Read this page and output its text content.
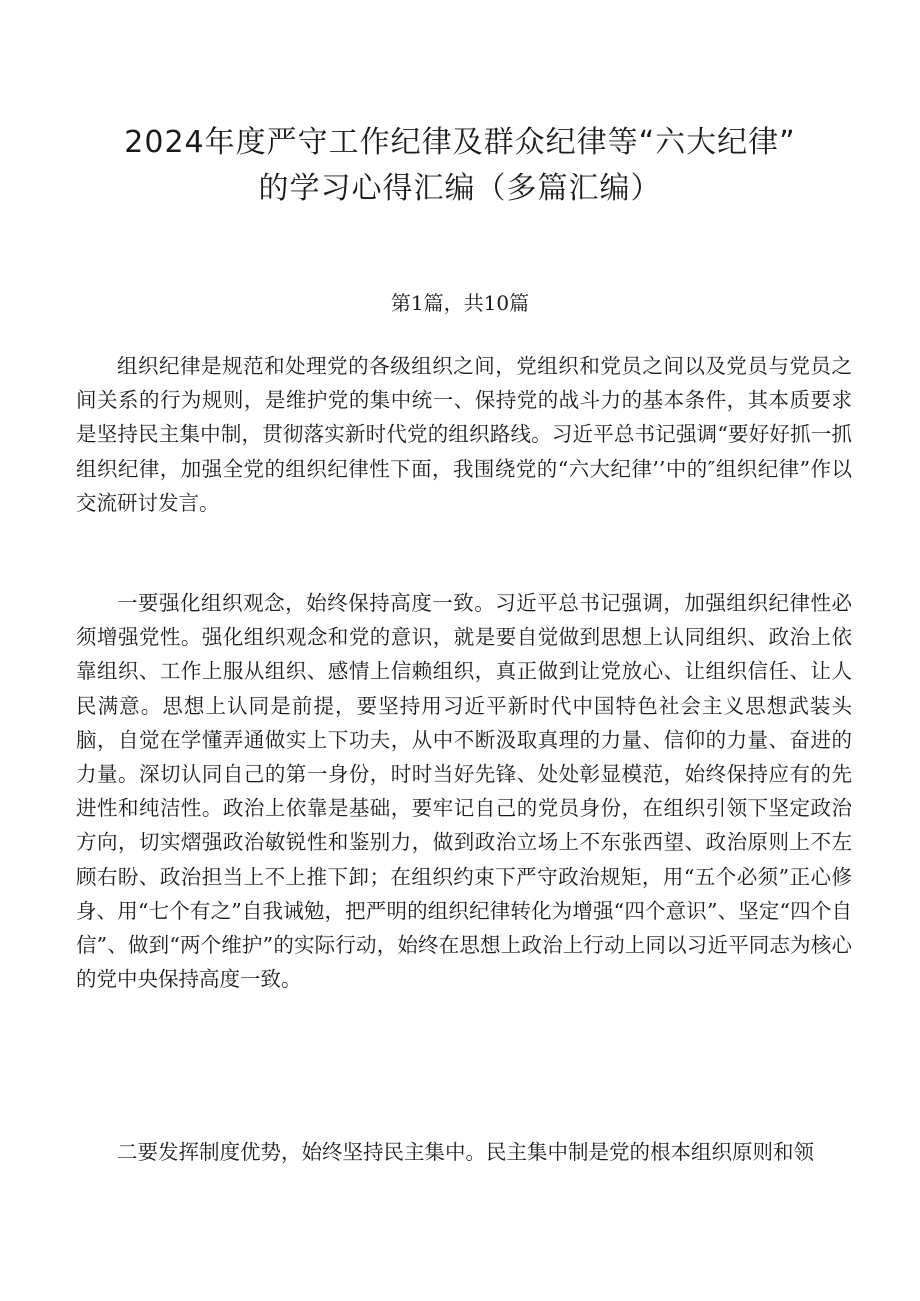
2024年度严守工作纪律及群众纪律等“六大纪律”
的学习心得汇编（多篇汇编）

第1篇，共10篇

组织纪律是规范和处理党的各级组织之间，党组织和党员之间以及党员与党员之间关系的行为规则，是维护党的集中统一、保持党的战斗力的基本条件，其本质要求是坚持民主集中制，贯彻落实新时代党的组织路线。习近平总书记强调“要好好抓一抓组织纪律，加强全党的组织纪律性下面，我围绕党的“六大纪律’’中的″组织纪律”作以交流研讨发言。

一要强化组织观念，始终保持高度一致。习近平总书记强调，加强组织纪律性必须增强党性。强化组织观念和党的意识，就是要自觉做到思想上认同组织、政治上依靠组织、工作上服从组织、感情上信赖组织，真正做到让党放心、让组织信任、让人民满意。思想上认同是前提，要坚持用习近平新时代中国特色社会主义思想武装头脑，自觉在学懂弄通做实上下功夫，从中不断汲取真理的力量、信仰的力量、奋进的力量。深切认同自己的第一身份，时时当好先锋、处处彰显模范，始终保持应有的先进性和纯洁性。政治上依靠是基础，要牢记自己的党员身份，在组织引领下坚定政治方向，切实熠强政治敏锐性和鉴别力，做到政治立场上不东张西望、政治原则上不左顾右盼、政治担当上不上推下卸；在组织约束下严守政治规矩，用“五个必须”正心修身、用“七个有之”自我诫勉，把严明的组织纪律转化为增强“四个意识”、坚定“四个自信”、做到“两个维护”的实际行动，始终在思想上政治上行动上同以习近平同志为核心的党中央保持高度一致。

二要发挥制度优势，始终坚持民主集中。民主集中制是党的根本组织原则和领
